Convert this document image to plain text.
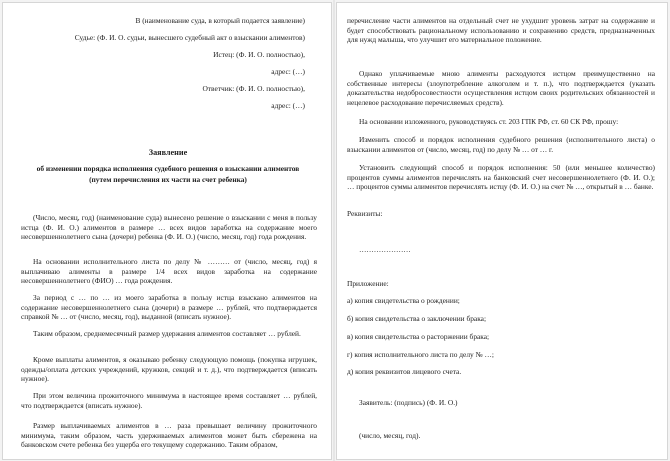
В (наименование суда, в который подается заявление)

Судье: (Ф. И. О. судьи, вынесшего судебный акт о взыскании алиментов)

Истец: (Ф. И. О. полностью),

адрес: (…)

Ответчик: (Ф. И. О. полностью),

адрес: (…)

Заявление

об изменении порядка исполнения судебного решения о взыскании алиментов

(путем перечисления их части на счет ребенка)

(Число, месяц, год) (наименование суда) вынесено решение о взыскании с меня в пользу истца (Ф. И. О.) алиментов в размере … всех видов заработка на содержание моего несовершеннолетнего сына (дочери) ребенка (Ф. И. О.) (число, месяц, год) года рождения.

На основании исполнительного листа по делу № ……… от (число, месяц, год) я выплачиваю алименты в размере 1/4 всех видов заработка на содержание несовершеннолетнего (ФИО) … года рождения.

За период с … по … из моего заработка в пользу истца взыскано алиментов на содержание несовершеннолетнего сына (дочери) в размере … рублей, что подтверждается справкой № … от (число, месяц, год), выданной (вписать нужное).

Таким образом, среднемесячный размер удержания алиментов составляет … рублей.

Кроме выплаты алиментов, я оказываю ребенку следующую помощь (покупка игрушек, одежды/оплата детских учреждений, кружков, секций и т. д.), что подтверждается (вписать нужное).

При этом величина прожиточного минимума в настоящее время составляет … рублей, что подтверждается (вписать нужное).

Размер выплачиваемых алиментов в … раза превышает величину прожиточного минимума, таким образом, часть удерживаемых алиментов может быть сбережена на банковском счете ребенка без ущерба его текущему содержанию. Таким образом,

перечисление части алиментов на отдельный счет не ухудшит уровень затрат на содержание и будет способствовать рациональному использованию и сохранению средств, предназначенных для нужд малыша, что улучшит его материальное положение.

Однако уплачиваемые мною алименты расходуются истцом преимущественно на собственные интересы (злоупотребление алкоголем и т. п.), что подтверждается (указать доказательства недобросовестности осуществления истцом своих родительских обязанностей и нецелевое расходование перечисляемых средств).

На основании изложенного, руководствуясь ст. 203 ГПК РФ, ст. 60 СК РФ, прошу:

Изменить способ и порядок исполнения судебного решения (исполнительного листа) о взыскании алиментов от (число, месяц, год) по делу № … от … г.

Установить следующий способ и порядок исполнения: 50 (или меньшее количество) процентов суммы алиментов перечислять на банковский счет несовершеннолетнего (Ф. И. О.); … процентов суммы алиментов перечислять истцу (Ф. И. О.) на счет № …, открытый в … банке.

Реквизиты:

…………………

Приложение:

а) копия свидетельства о рождении;

б) копия свидетельства о заключении брака;

в) копия свидетельства о расторжении брака;

г) копия исполнительного листа по делу № …;

д) копия реквизитов лицевого счета.

Заявитель: (подпись) (Ф. И. О.)

(число, месяц, год).
